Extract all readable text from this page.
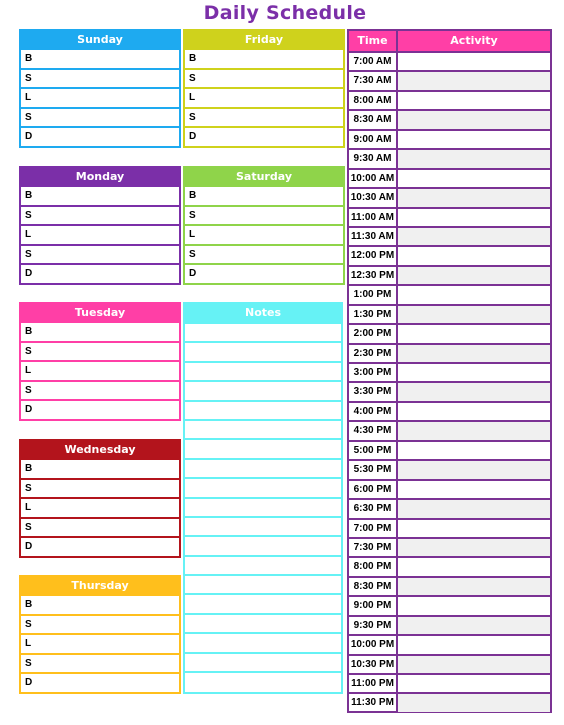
Daily Schedule
Sunday
B
S
L
S
D
Friday
B
S
L
S
D
Monday
B
S
L
S
D
Saturday
B
S
L
S
D
Tuesday
B
S
L
S
D
Wednesday
B
S
L
S
D
Thursday
B
S
L
S
D
Notes
Time	Activity
7:00 AM
7:30 AM
8:00 AM
8:30 AM
9:00 AM
9:30 AM
10:00 AM
10:30 AM
11:00 AM
11:30 AM
12:00 PM
12:30 PM
1:00 PM
1:30 PM
2:00 PM
2:30 PM
3:00 PM
3:30 PM
4:00 PM
4:30 PM
5:00 PM
5:30 PM
6:00 PM
6:30 PM
7:00 PM
7:30 PM
8:00 PM
8:30 PM
9:00 PM
9:30 PM
10:00 PM
10:30 PM
11:00 PM
11:30 PM
